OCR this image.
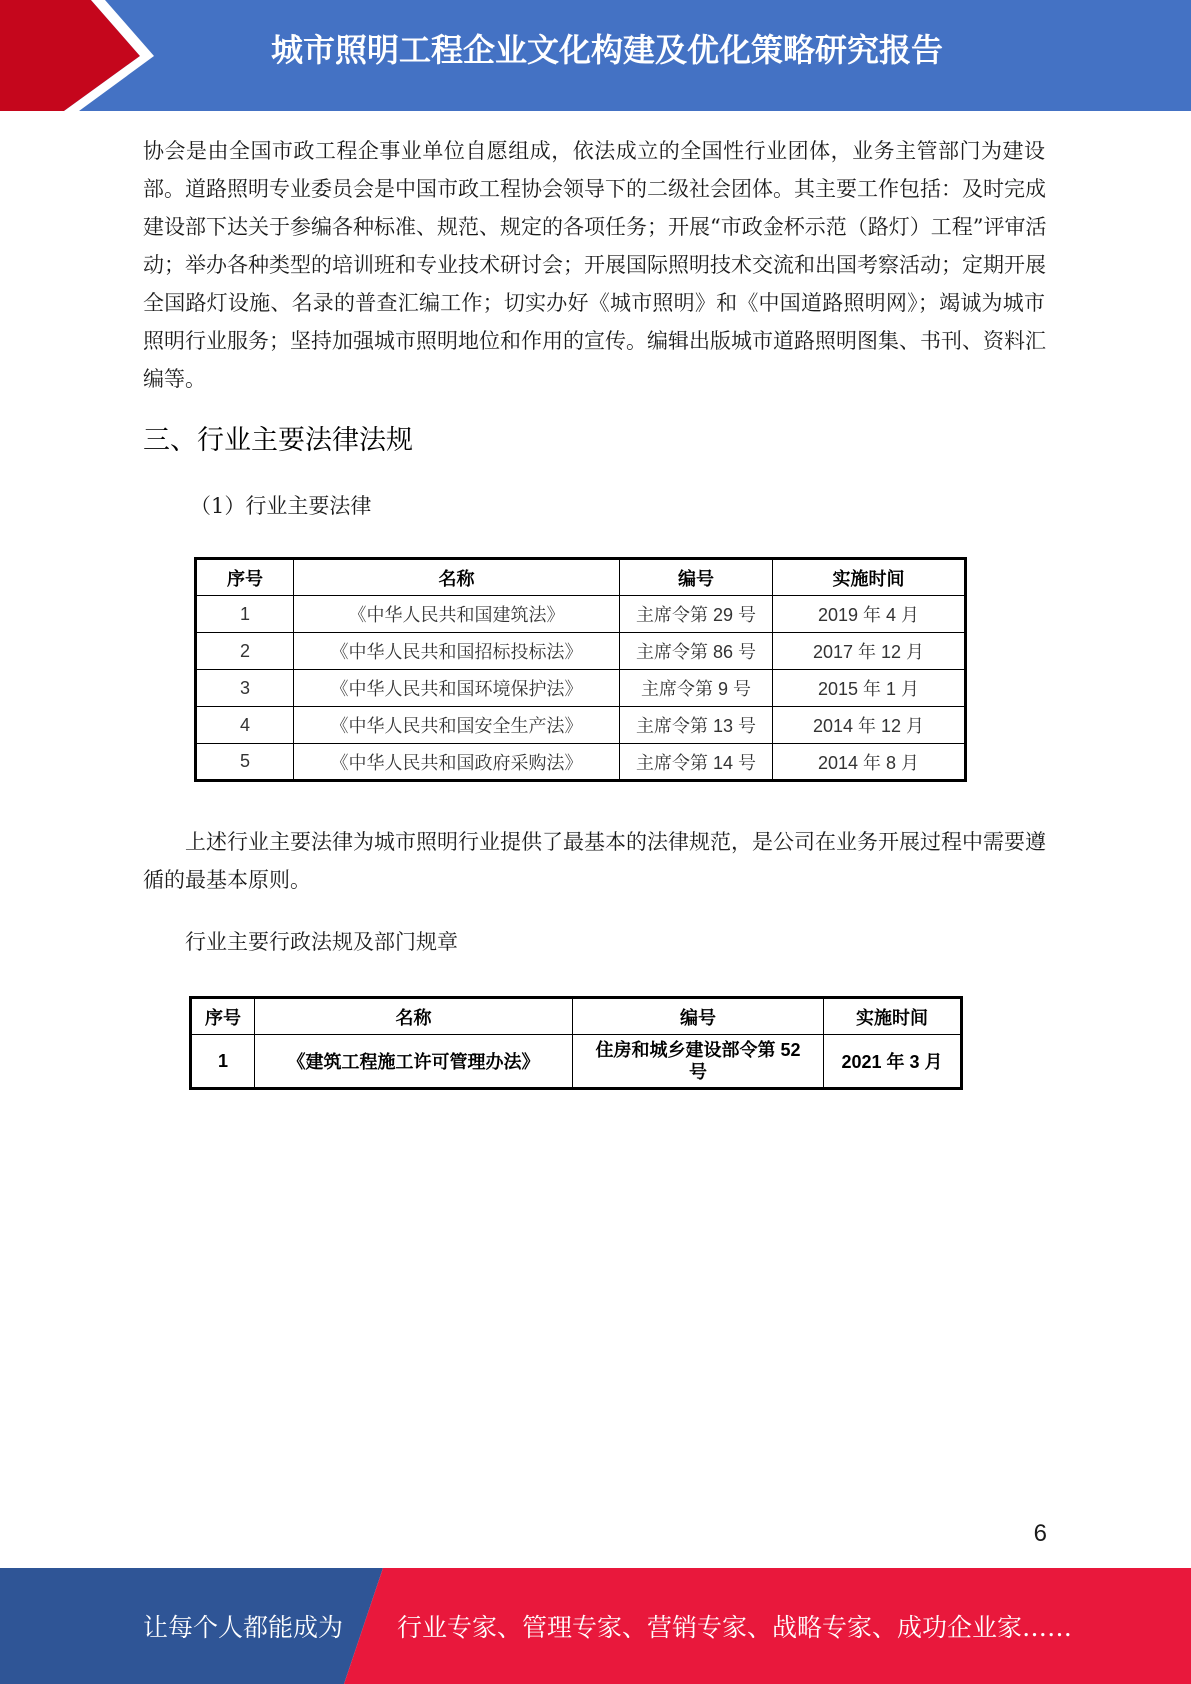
城市照明工程企业文化构建及优化策略研究报告
协会是由全国市政工程企事业单位自愿组成，依法成立的全国性行业团体，业务主管部门为建设
部。道路照明专业委员会是中国市政工程协会领导下的二级社会团体。其主要工作包括：及时完成
建设部下达关于参编各种标准、规范、规定的各项任务；开展“市政金杯示范（路灯）工程”评审活
动；举办各种类型的培训班和专业技术研讨会；开展国际照明技术交流和出国考察活动；定期开展
全国路灯设施、名录的普查汇编工作；切实办好《城市照明》和《中国道路照明网》；竭诚为城市
照明行业服务；坚持加强城市照明地位和作用的宣传。编辑出版城市道路照明图集、书刊、资料汇
编等。
三、行业主要法律法规
（1）行业主要法律
序号	名称	编号	实施时间
1	《中华人民共和国建筑法》	主席令第 29 号	2019 年 4 月
2	《中华人民共和国招标投标法》	主席令第 86 号	2017 年 12 月
3	《中华人民共和国环境保护法》	主席令第 9 号	2015 年 1 月
4	《中华人民共和国安全生产法》	主席令第 13 号	2014 年 12 月
5	《中华人民共和国政府采购法》	主席令第 14 号	2014 年 8 月
上述行业主要法律为城市照明行业提供了最基本的法律规范，是公司在业务开展过程中需要遵
循的最基本原则。
行业主要行政法规及部门规章
序号	名称	编号	实施时间
1	《建筑工程施工许可管理办法》	住房和城乡建设部令第 52 号	2021 年 3 月
6
让每个人都能成为 行业专家、管理专家、营销专家、战略专家、成功企业家……
